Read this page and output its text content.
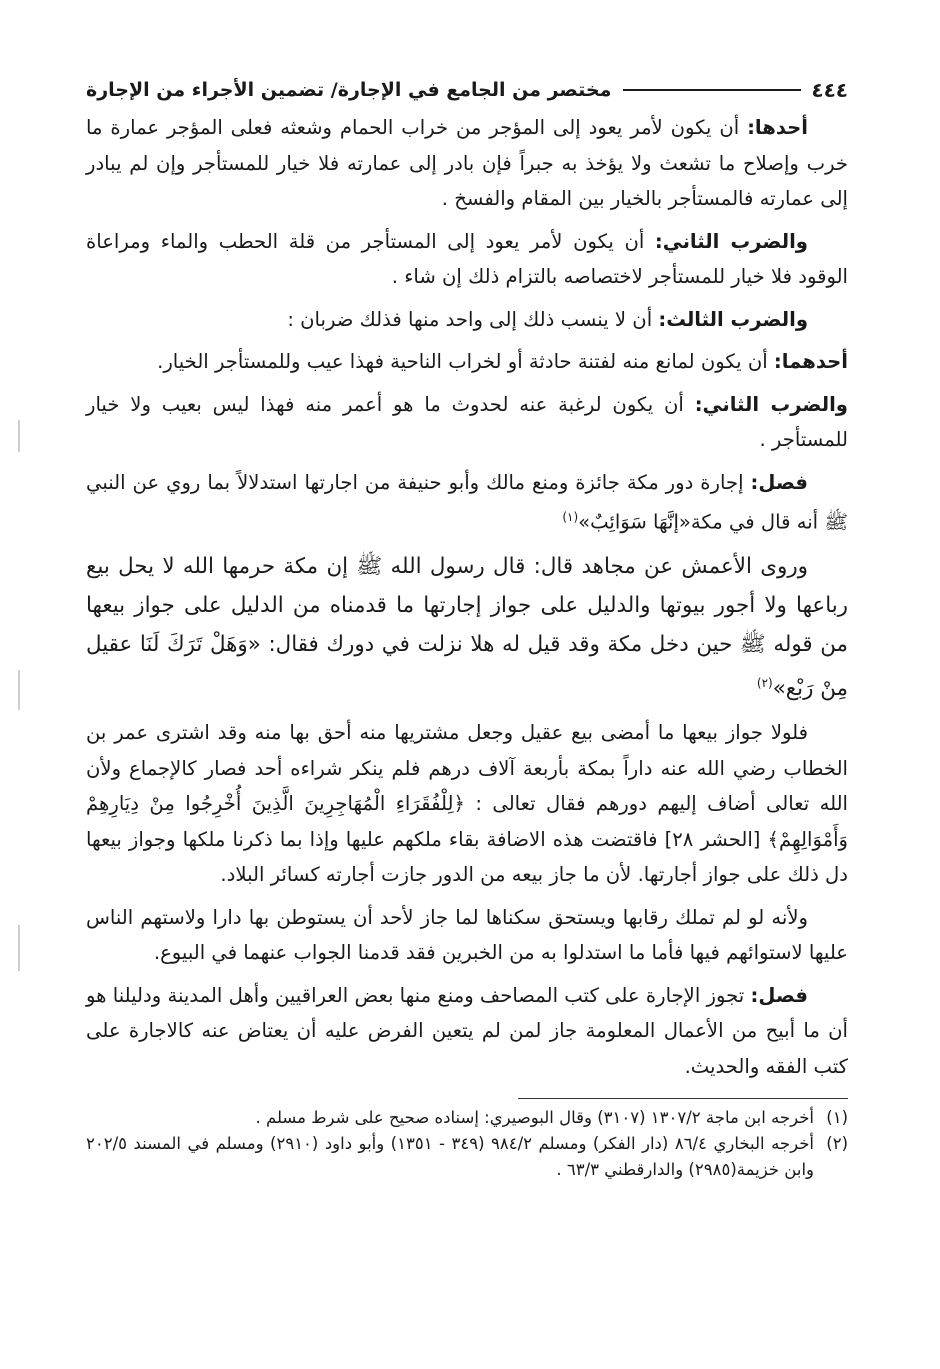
٤٤٤
مختصر من الجامع في الإجارة/ تضمين الأجراء من الإجارة

أحدها: أن يكون لأمر يعود إلى المؤجر من خراب الحمام وشعثه فعلى المؤجر عمارة ما خرب وإصلاح ما تشعث ولا يؤخذ به جبراً فإن بادر إلى عمارته فلا خيار للمستأجر وإن لم يبادر إلى عمارته فالمستأجر بالخيار بين المقام والفسخ .

والضرب الثاني: أن يكون لأمر يعود إلى المستأجر من قلة الحطب والماء ومراعاة الوقود فلا خيار للمستأجر لاختصاصه بالتزام ذلك إن شاء .

والضرب الثالث: أن لا ينسب ذلك إلى واحد منها فذلك ضربان :

أحدهما: أن يكون لمانع منه لفتنة حادثة أو لخراب الناحية فهذا عيب وللمستأجر الخيار.

والضرب الثاني: أن يكون لرغبة عنه لحدوث ما هو أعمر منه فهذا ليس بعيب ولا خيار للمستأجر .

فصل: إجارة دور مكة جائزة ومنع مالك وأبو حنيفة من اجارتها استدلالاً بما روي عن النبي ﷺ أنه قال في مكة«إنَّهَا سَوَائِبٌ»$^{(١)}$

وروى الأعمش عن مجاهد قال: قال رسول الله ﷺ إن مكة حرمها الله لا يحل بيع رباعها ولا أجور بيوتها والدليل على جواز إجارتها ما قدمناه من الدليل على جواز بيعها من قوله ﷺ حين دخل مكة وقد قيل له هلا نزلت في دورك فقال: «وَهَلْ تَرَكَ لَنَا عقيل مِنْ رَبْع»$^{(٢)}$

فلولا جواز بيعها ما أمضى بيع عقيل وجعل مشتريها منه أحق بها منه وقد اشترى عمر بن الخطاب رضي الله عنه داراً بمكة بأربعة آلاف درهم فلم ينكر شراءه أحد فصار كالإجماع ولأن الله تعالى أضاف إليهم دورهم فقال تعالى : ﴿لِلْفُقَرَاءِ الْمُهَاجِرِينَ الَّذِينَ أُخْرِجُوا مِنْ دِيَارِهِمْ وَأَمْوَالِهِمْ﴾ [الحشر ٢٨] فاقتضت هذه الاضافة بقاء ملكهم عليها وإذا بما ذكرنا ملكها وجواز بيعها دل ذلك على جواز أجارتها. لأن ما جاز بيعه من الدور جازت أجارته كسائر البلاد.

ولأنه لو لم تملك رقابها ويستحق سكناها لما جاز لأحد أن يستوطن بها دارا ولاستهم الناس عليها لاستوائهم فيها فأما ما استدلوا به من الخبرين فقد قدمنا الجواب عنهما في البيوع.

فصل: تجوز الإجارة على كتب المصاحف ومنع منها بعض العراقيين وأهل المدينة ودليلنا هو أن ما أبيح من الأعمال المعلومة جاز لمن لم يتعين الفرض عليه أن يعتاض عنه كالاجارة على كتب الفقه والحديث.

(١)
أخرجه ابن ماجة ١٣٠٧/٢ (٣١٠٧) وقال البوصيري: إسناده صحيح على شرط مسلم .
(٢)
أخرجه البخاري ٨٦/٤ (دار الفكر) ومسلم ٩٨٤/٢ (٣٤٩ - ١٣٥١) وأبو داود (٢٩١٠) ومسلم في المسند ٢٠٢/٥ وابن خزيمة(٢٩٨٥) والدارقطني ٦٣/٣ .
